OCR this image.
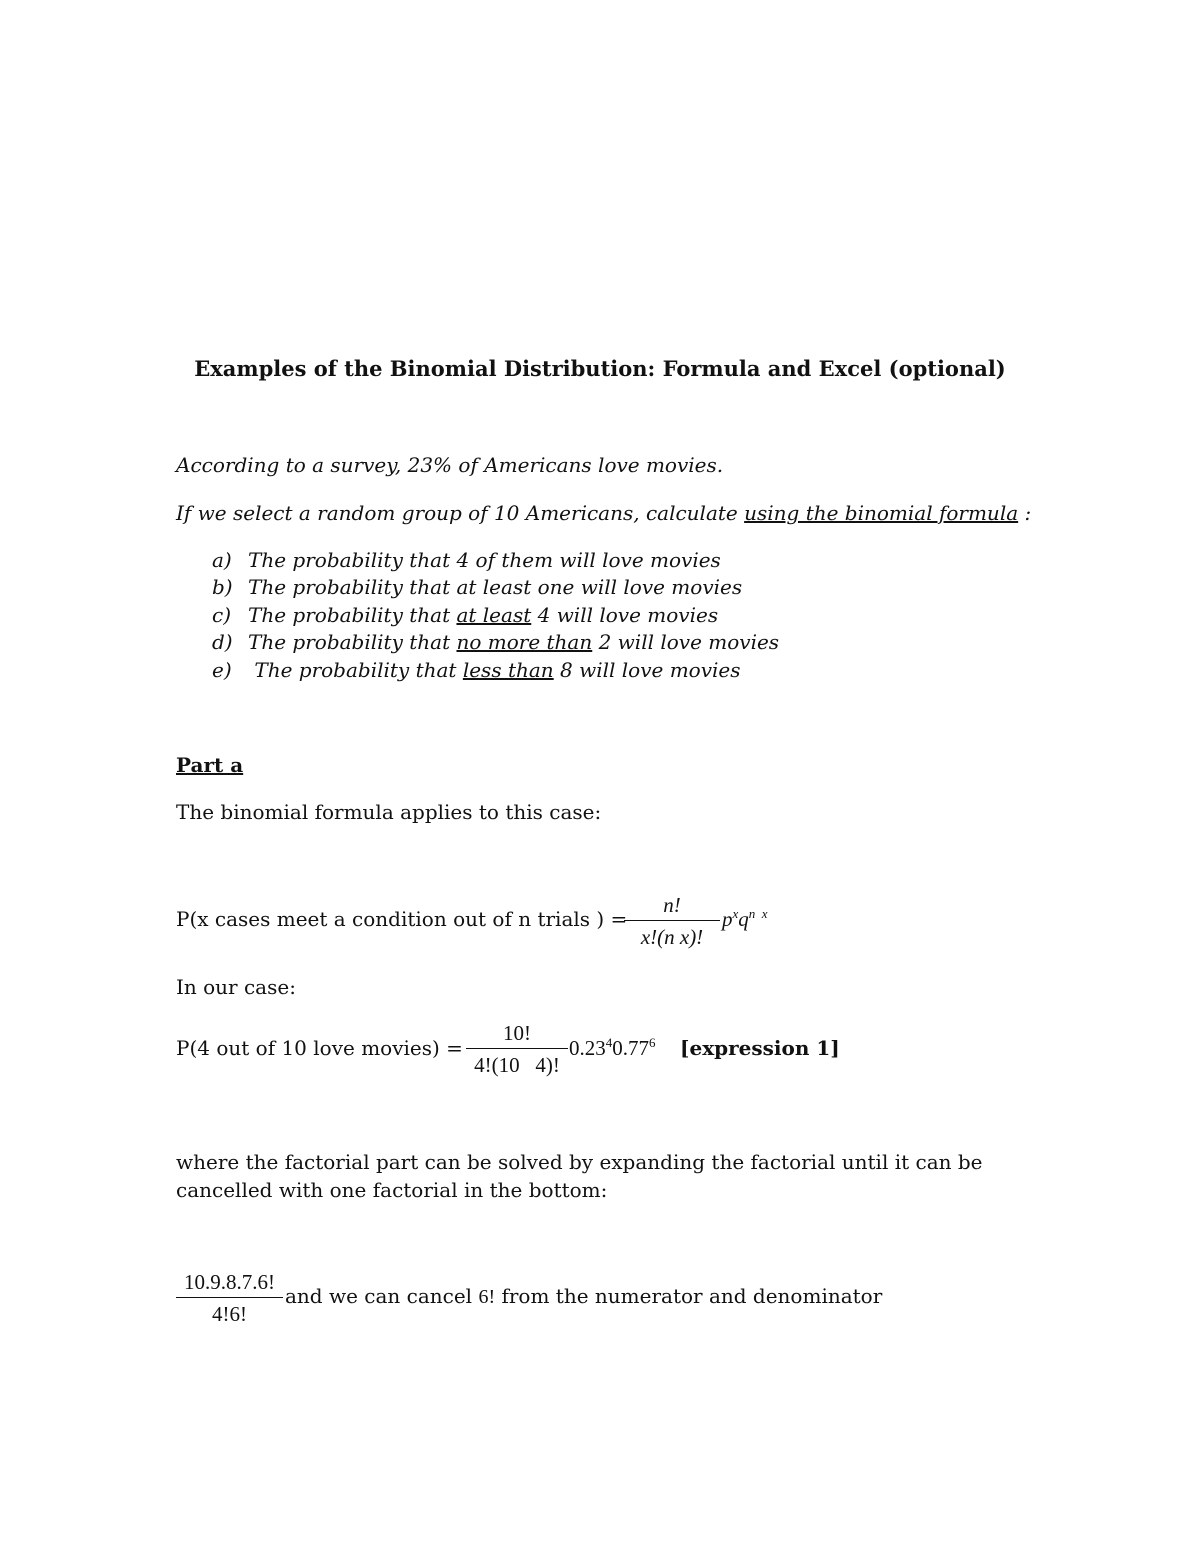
Examples of the Binomial Distribution: Formula and Excel (optional)
According to a survey, 23% of Americans love movies.
If we select a random group of 10 Americans, calculate using the binomial formula :
a) The probability that 4 of them will love movies
b) The probability that at least one will love movies
c) The probability that at least 4 will love movies
d) The probability that no more than 2 will love movies
e) The probability that less than 8 will love movies
Part a
The binomial formula applies to this case:
P(x cases meet a condition out of n trials ) =
n!
x!(n x)!
$p^xq^{n x}$
In our case:
P(4 out of 10 love movies) =
10!
4!(10   4)!
0.23$^4$0.77$^6$ [expression 1]
where the factorial part can be solved by expanding the factorial until it can be
cancelled with one factorial in the bottom:
10.9.8.7.6!
4!6!
and we can cancel 6! from the numerator and denominator
